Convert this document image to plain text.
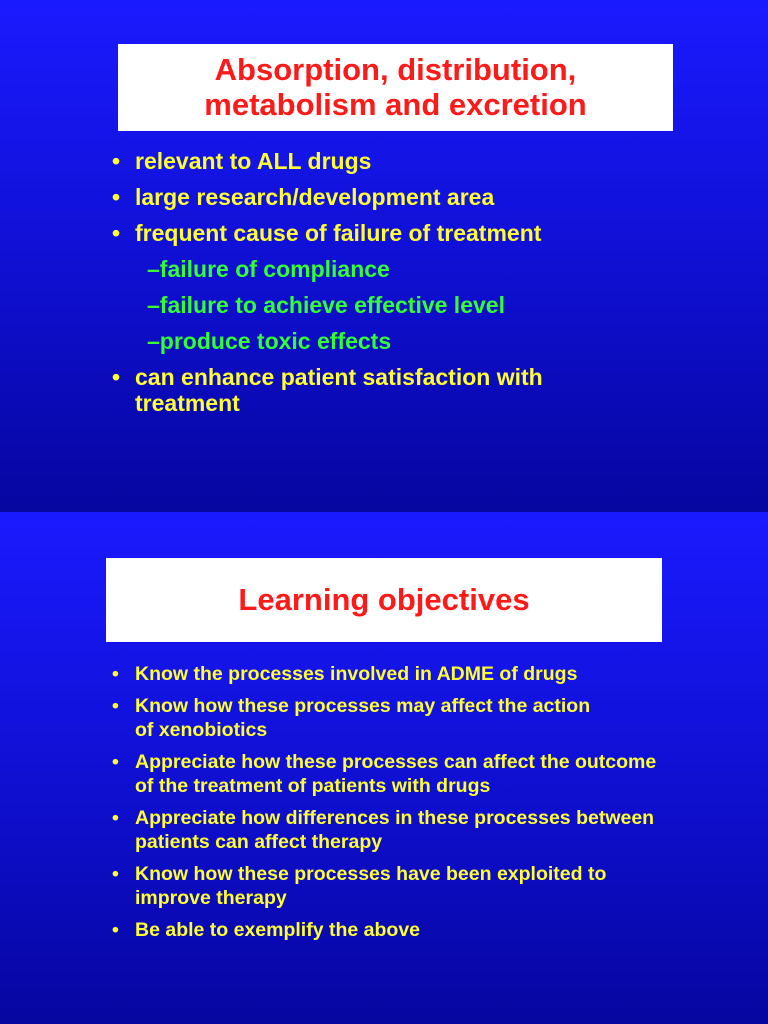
Absorption, distribution,
metabolism and excretion
• relevant to ALL drugs
• large research/development area
• frequent cause of failure of treatment
–failure of compliance
–failure to achieve effective level
–produce toxic effects
• can enhance patient satisfaction with treatment
Learning objectives
• Know the processes involved in ADME of drugs
• Know how these processes may affect the action of xenobiotics
• Appreciate how these processes can affect the outcome of the treatment of patients with drugs
• Appreciate how differences in these processes between patients can affect therapy
• Know how these processes have been exploited to improve therapy
• Be able to exemplify the above
